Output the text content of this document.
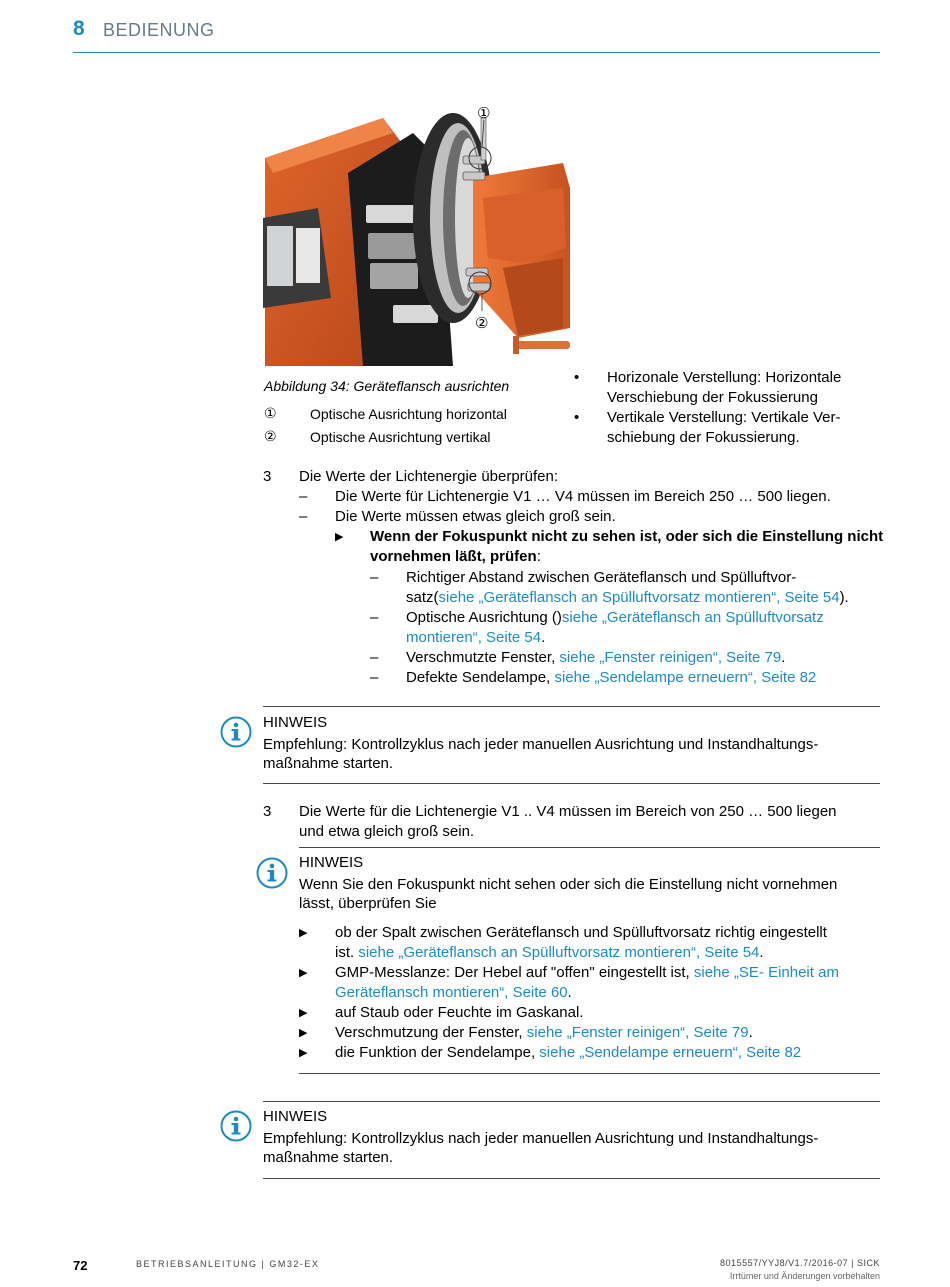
8 BEDIENUNG
①
②
Abbildung 34: Geräteflansch ausrichten
① Optische Ausrichtung horizontal
② Optische Ausrichtung vertikal
• Horizonale Verstellung: Horizontale Verschiebung der Fokussierung
• Vertikale Verstellung: Vertikale Ver-schiebung der Fokussierung.
3 Die Werte der Lichtenergie überprüfen:
– Die Werte für Lichtenergie V1 … V4 müssen im Bereich 250 … 500 liegen.
– Die Werte müssen etwas gleich groß sein.
▶ Wenn der Fokuspunkt nicht zu sehen ist, oder sich die Einstellung nicht
vornehmen läßt, prüfen:
– Richtiger Abstand zwischen Geräteflansch und Spülluftvor-
satz(siehe „Geräteflansch an Spülluftvorsatz montieren“, Seite 54).
– Optische Ausrichtung ()siehe „Geräteflansch an Spülluftvorsatz
montieren“, Seite 54.
– Verschmutzte Fenster, siehe „Fenster reinigen“, Seite 79.
– Defekte Sendelampe, siehe „Sendelampe erneuern“, Seite 82
HINWEIS
Empfehlung: Kontrollzyklus nach jeder manuellen Ausrichtung und Instandhaltungs-
maßnahme starten.
3 Die Werte für die Lichtenergie V1 .. V4 müssen im Bereich von 250 … 500 liegen
und etwa gleich groß sein.
HINWEIS
Wenn Sie den Fokuspunkt nicht sehen oder sich die Einstellung nicht vornehmen
lässt, überprüfen Sie
▶ ob der Spalt zwischen Geräteflansch und Spülluftvorsatz richtig eingestellt
ist. siehe „Geräteflansch an Spülluftvorsatz montieren“, Seite 54.
▶ GMP-Messlanze: Der Hebel auf "offen" eingestellt ist, siehe „SE- Einheit am
Geräteflansch montieren“, Seite 60.
▶ auf Staub oder Feuchte im Gaskanal.
▶ Verschmutzung der Fenster, siehe „Fenster reinigen“, Seite 79.
▶ die Funktion der Sendelampe, siehe „Sendelampe erneuern“, Seite 82
HINWEIS
Empfehlung: Kontrollzyklus nach jeder manuellen Ausrichtung und Instandhaltungs-
maßnahme starten.
72	BETRIEBSANLEITUNG | GM32-EX	8015557/YYJ8/V1.7/2016-07 | SICK
Irrtümer und Änderungen vorbehalten
